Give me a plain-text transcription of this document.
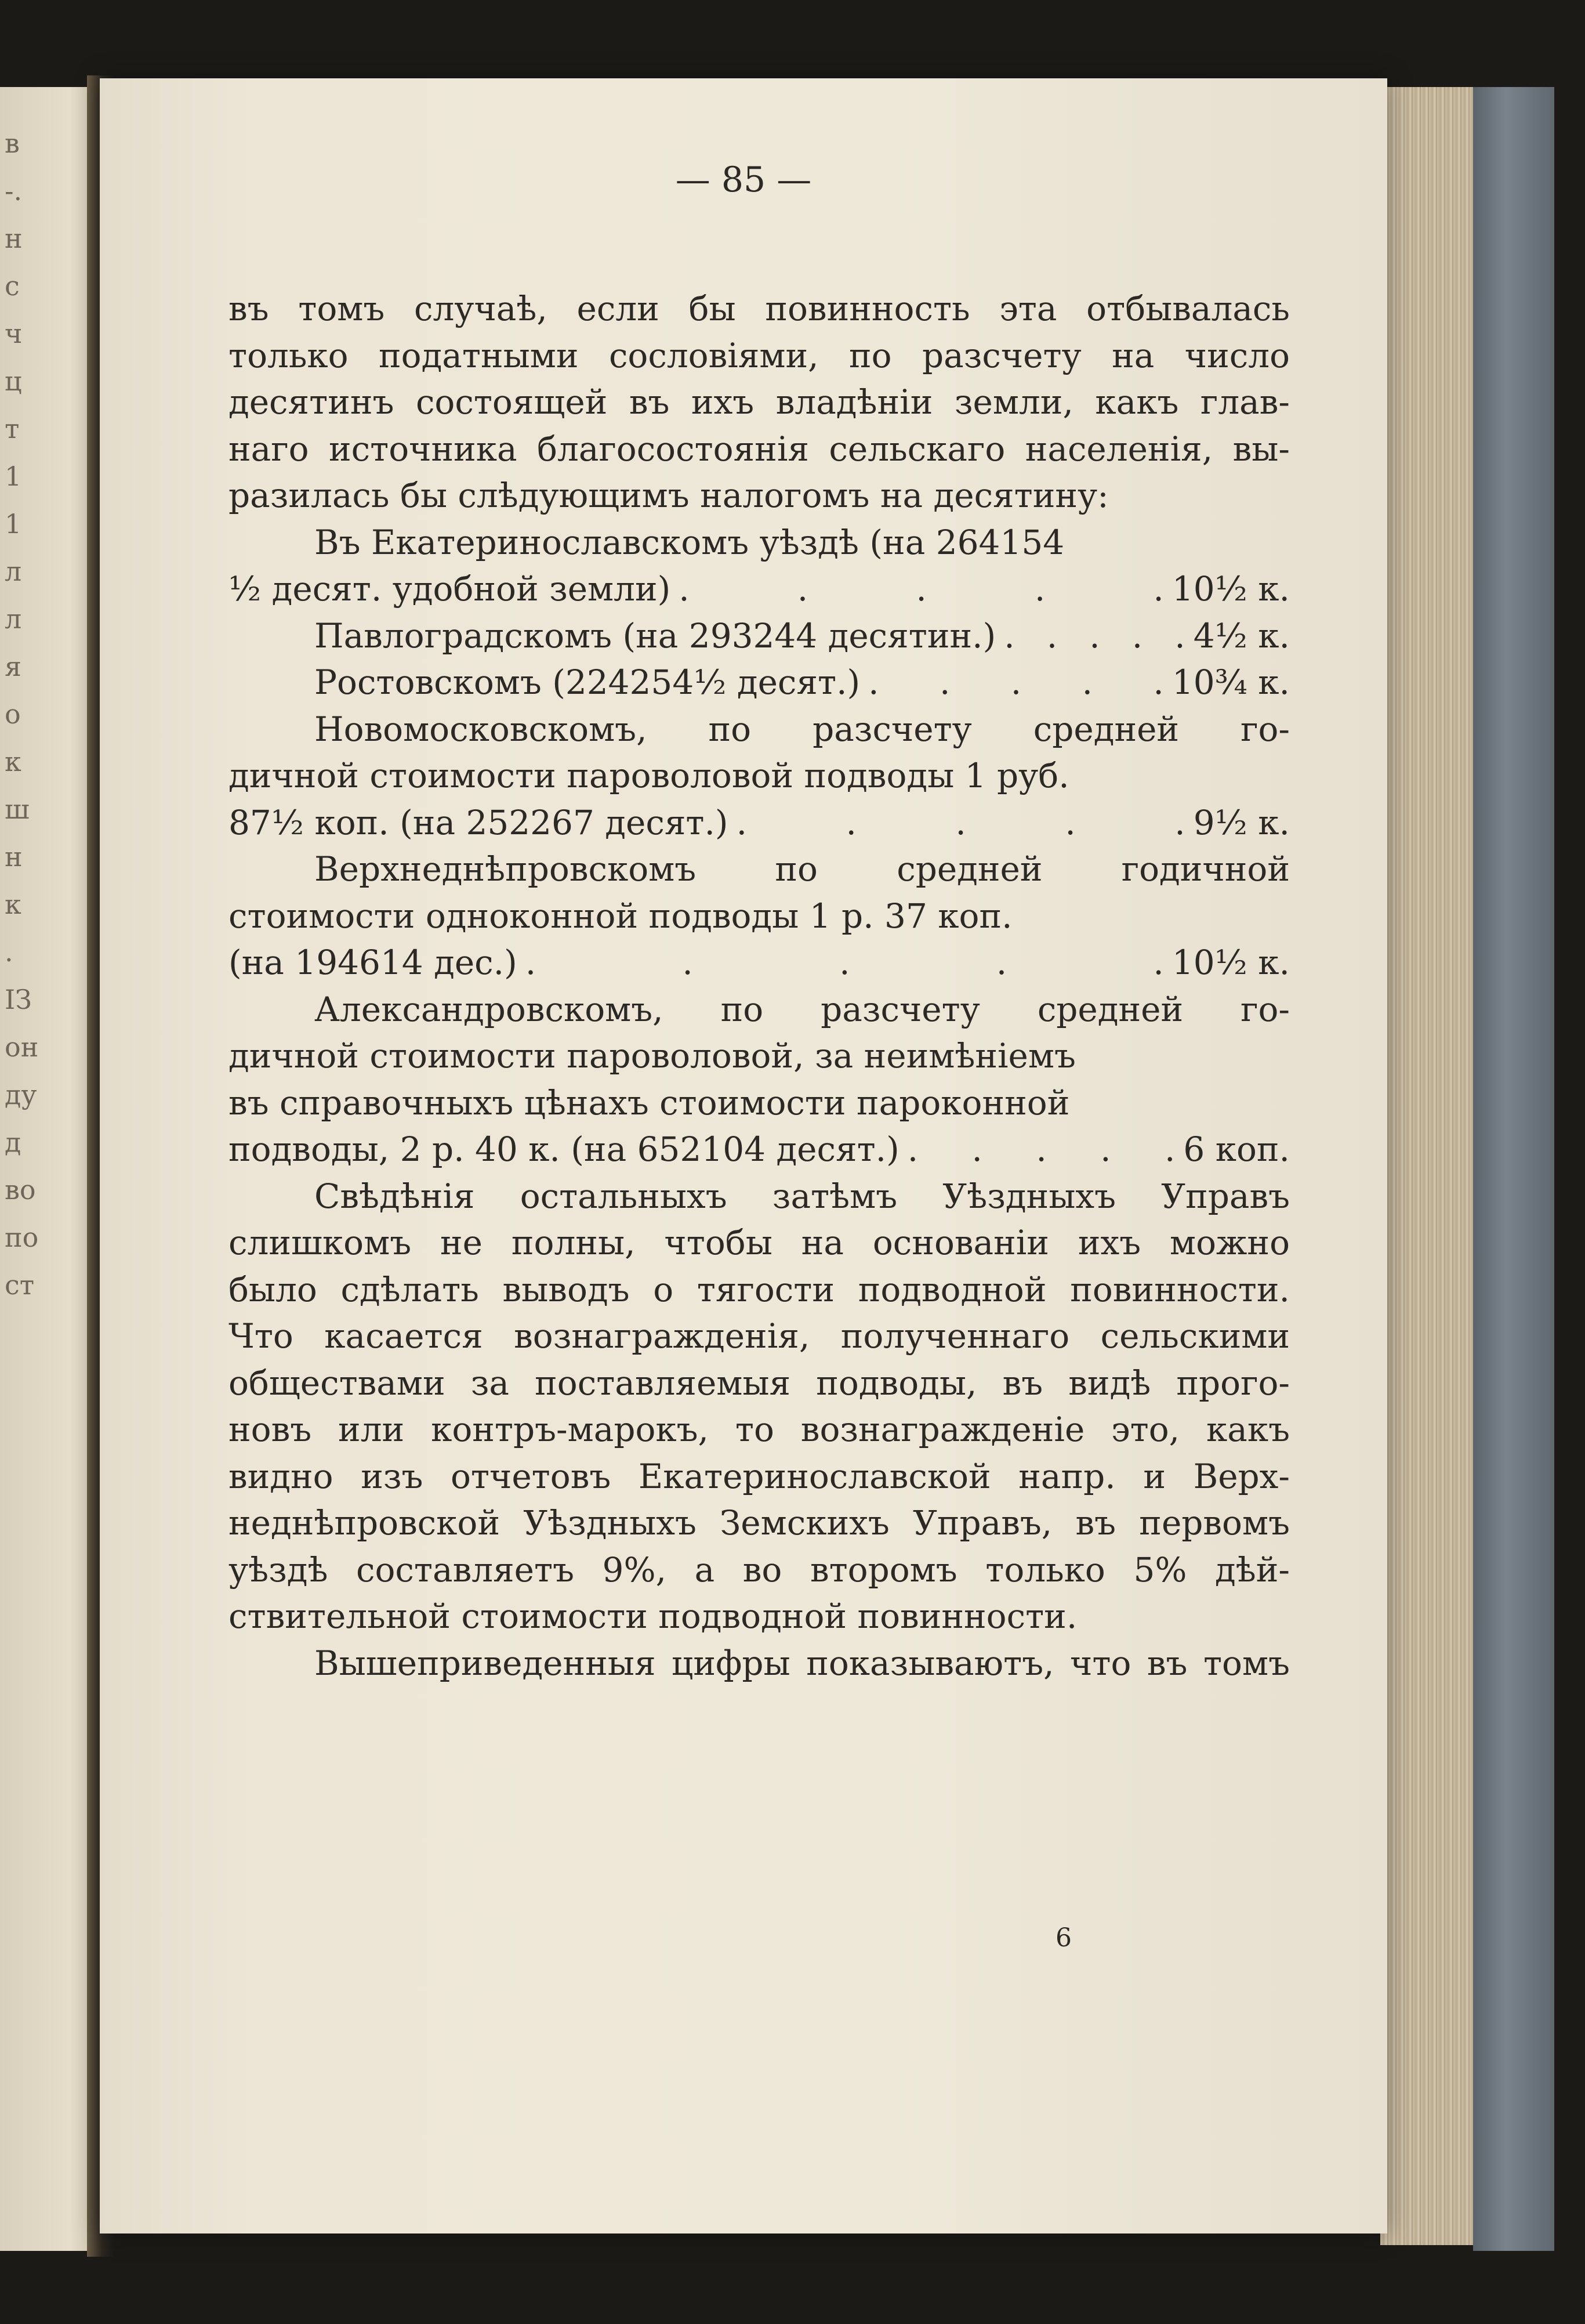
в
-.
н
с
ч
ц
т
1
1
л
л
я
о
к
ш
н
к
.
ІЗ
он
ду
д
во
по
ст
— 85 —
въ томъ случаѣ, если бы повинность эта отбывалась
только податными сословіями, по разсчету на число
десятинъ состоящей въ ихъ владѣніи земли, какъ глав-
наго источника благосостоянія сельскаго населенія, вы-
разилась бы слѣдующимъ налогомъ на десятину:
Въ Екатеринославскомъ уѣздѣ (на 264154
½ десят. удобной земли) . . . . . 10½ к.
Павлоградскомъ (на 293244 десятин.) . . . . . 4½ к.
Ростовскомъ (224254½ десят.) . . . . . 10¾ к.
Новомосковскомъ, по разсчету средней го-
дичной стоимости пароволовой подводы 1 руб.
87½ коп. (на 252267 десят.) . . . . . 9½ к.
Верхнеднѣпровскомъ по средней годичной
стоимости одноконной подводы 1 р. 37 коп.
(на 194614 дес.) . . . . . 10½ к.
Александровскомъ, по разсчету средней го-
дичной стоимости пароволовой, за неимѣніемъ
въ справочныхъ цѣнахъ стоимости пароконной
подводы, 2 р. 40 к. (на 652104 десят.) . . . . . 6 коп.
Свѣдѣнія остальныхъ затѣмъ Уѣздныхъ Управъ
слишкомъ не полны, чтобы на основаніи ихъ можно
было сдѣлать выводъ о тягости подводной повинности.
Что касается вознагражденія, полученнаго сельскими
обществами за поставляемыя подводы, въ видѣ прого-
новъ или контръ-марокъ, то вознагражденіе это, какъ
видно изъ отчетовъ Екатеринославской напр. и Верх-
неднѣпровской Уѣздныхъ Земскихъ Управъ, въ первомъ
уѣздѣ составляетъ 9%, а во второмъ только 5% дѣй-
ствительной стоимости подводной повинности.
Вышеприведенныя цифры показываютъ, что въ томъ
6
